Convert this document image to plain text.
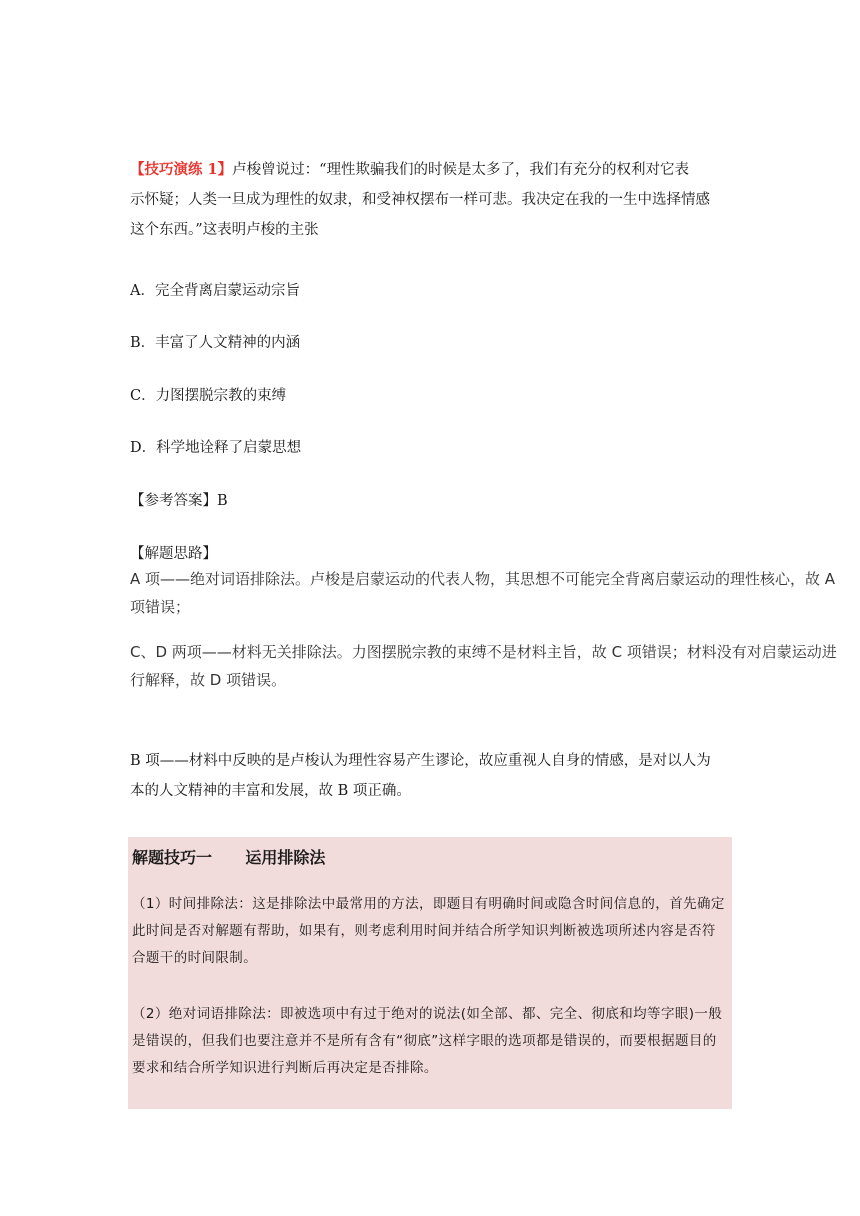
【技巧演练 1】卢梭曾说过：“理性欺骗我们的时候是太多了，我们有充分的权利对它表
示怀疑；人类一旦成为理性的奴隶，和受神权摆布一样可悲。我决定在我的一生中选择情感
这个东西。”这表明卢梭的主张
A．完全背离启蒙运动宗旨
B．丰富了人文精神的内涵
C．力图摆脱宗教的束缚
D．科学地诠释了启蒙思想
【参考答案】B
【解题思路】
A 项——绝对词语排除法。卢梭是启蒙运动的代表人物，其思想不可能完全背离启蒙运动的理性核心，故 A
项错误；
C、D 两项——材料无关排除法。力图摆脱宗教的束缚不是材料主旨，故 C 项错误；材料没有对启蒙运动进
行解释，故 D 项错误。
B 项——材料中反映的是卢梭认为理性容易产生谬论，故应重视人自身的情感，是对以人为
本的人文精神的丰富和发展，故 B 项正确。
解题技巧一      运用排除法
（1）时间排除法：这是排除法中最常用的方法，即题目有明确时间或隐含时间信息的，首先确定此时间是否对解题有帮助，如果有，则考虑利用时间并结合所学知识判断被选项所述内容是否符合题干的时间限制。
（2）绝对词语排除法：即被选项中有过于绝对的说法(如全部、都、完全、彻底和均等字眼)一般是错误的，但我们也要注意并不是所有含有“彻底”这样字眼的选项都是错误的，而要根据题目的要求和结合所学知识进行判断后再决定是否排除。
